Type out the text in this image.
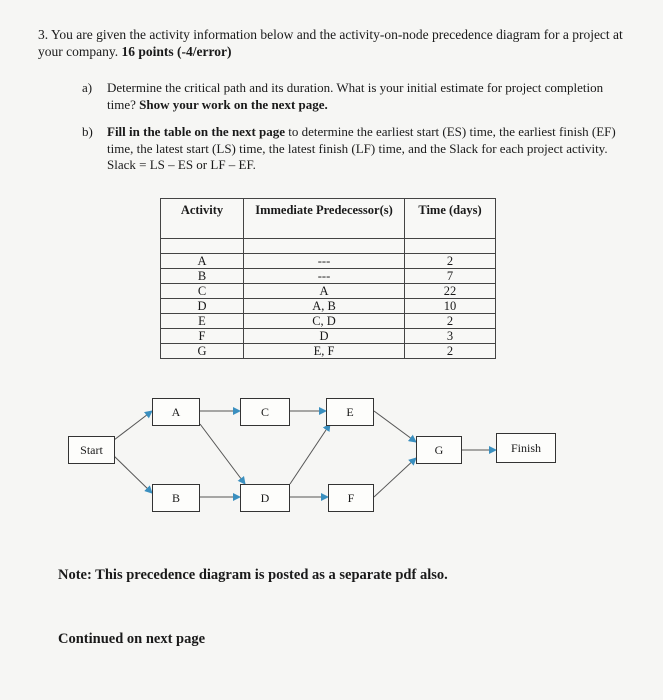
3. You are given the activity information below and the activity-on-node precedence diagram for a project at your company. 16 points (-4/error)
a) Determine the critical path and its duration. What is your initial estimate for project completion time? Show your work on the next page.
b) Fill in the table on the next page to determine the earliest start (ES) time, the earliest finish (EF) time, the latest start (LS) time, the latest finish (LF) time, and the Slack for each project activity. Slack = LS – ES or LF – EF.
Activity	Immediate Predecessor(s)	Time (days)

A	---	2
B	---	7
C	A	22
D	A, B	10
E	C, D	2
F	D	3
G	E, F	2
Start
A
B
C
D
E
F
G	Finish
Note: This precedence diagram is posted as a separate pdf also.
Continued on next page
